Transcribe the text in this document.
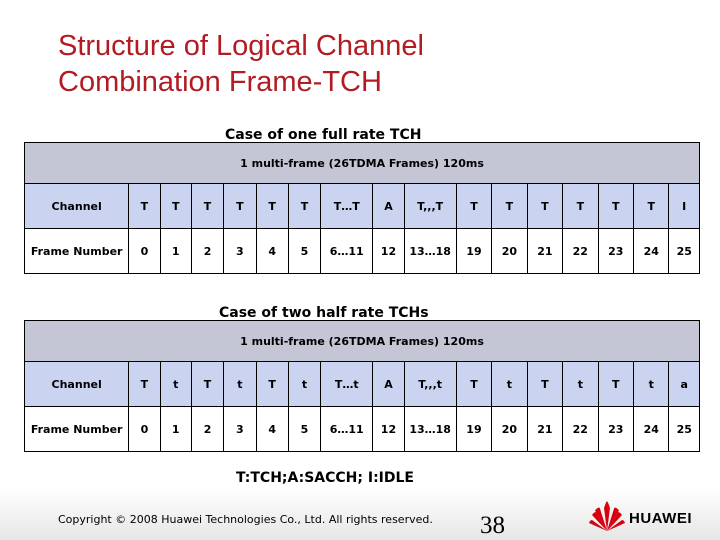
Structure of Logical Channel
Combination Frame-TCH
Case of one full rate TCH
1 multi-frame (26TDMA Frames) 120ms																
Channel	T	T	T	T	T	T	T…T	A	T,,,T	T	T	T	T	T	T	I
Frame Number	0	1	2	3	4	5	6…11	12	13…18	19	20	21	22	23	24	25
Case of two half rate TCHs
1 multi-frame (26TDMA Frames) 120ms																
Channel	T	t	T	t	T	t	T…t	A	T,,,t	T	t	T	t	T	t	a
Frame Number	0	1	2	3	4	5	6…11	12	13…18	19	20	21	22	23	24	25
T:TCH;A:SACCH; I:IDLE
Copyright © 2008 Huawei Technologies Co., Ltd. All rights reserved. 38	HUAWEI
